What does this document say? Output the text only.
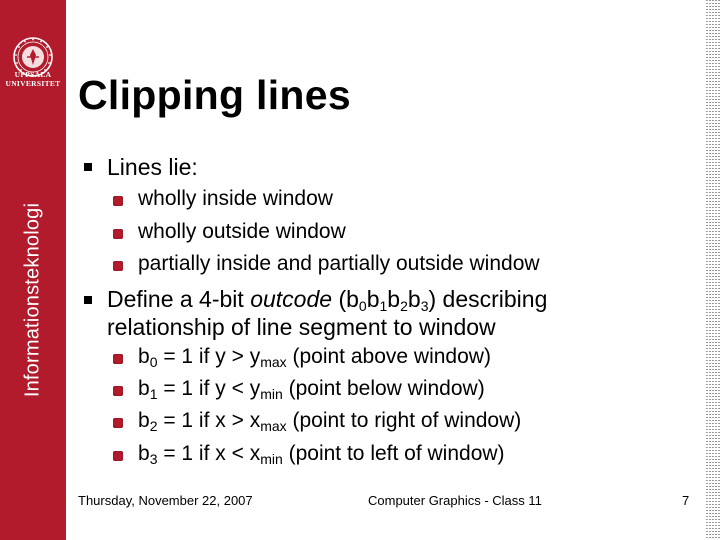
UPPSALA
UNIVERSITET
Informationsteknologi
Clipping lines
Lines lie:
wholly inside window
wholly outside window
partially inside and partially outside window
Define a 4-bit outcode $(b_0b_1b_2b_3)$ describing
relationship of line segment to window
$b_0 = 1$ if $y > y_{max}$ (point above window)
$b_1 = 1$ if $y < y_{min}$ (point below window)
$b_2 = 1$ if $x > x_{max}$ (point to right of window)
$b_3 = 1$ if $x < x_{min}$ (point to left of window)
Thursday, November 22, 2007	Computer Graphics - Class 11	7
